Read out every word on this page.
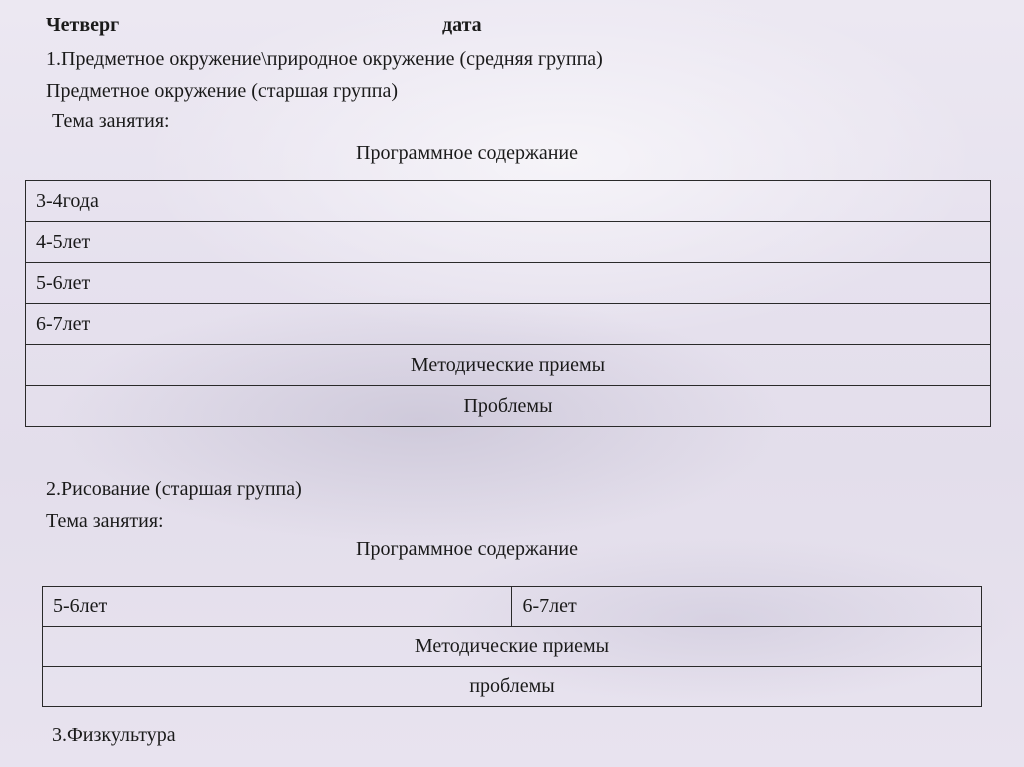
Четверг	дата
1.Предметное окружение\природное окружение (средняя группа)
Предметное окружение (старшая группа)
Тема занятия:
Программное содержание
3-4года
4-5лет
5-6лет
6-7лет
Методические приемы
Проблемы
2.Рисование (старшая группа)
Тема занятия:
Программное содержание
5-6лет	6-7лет
Методические приемы
проблемы
3.Физкультура
